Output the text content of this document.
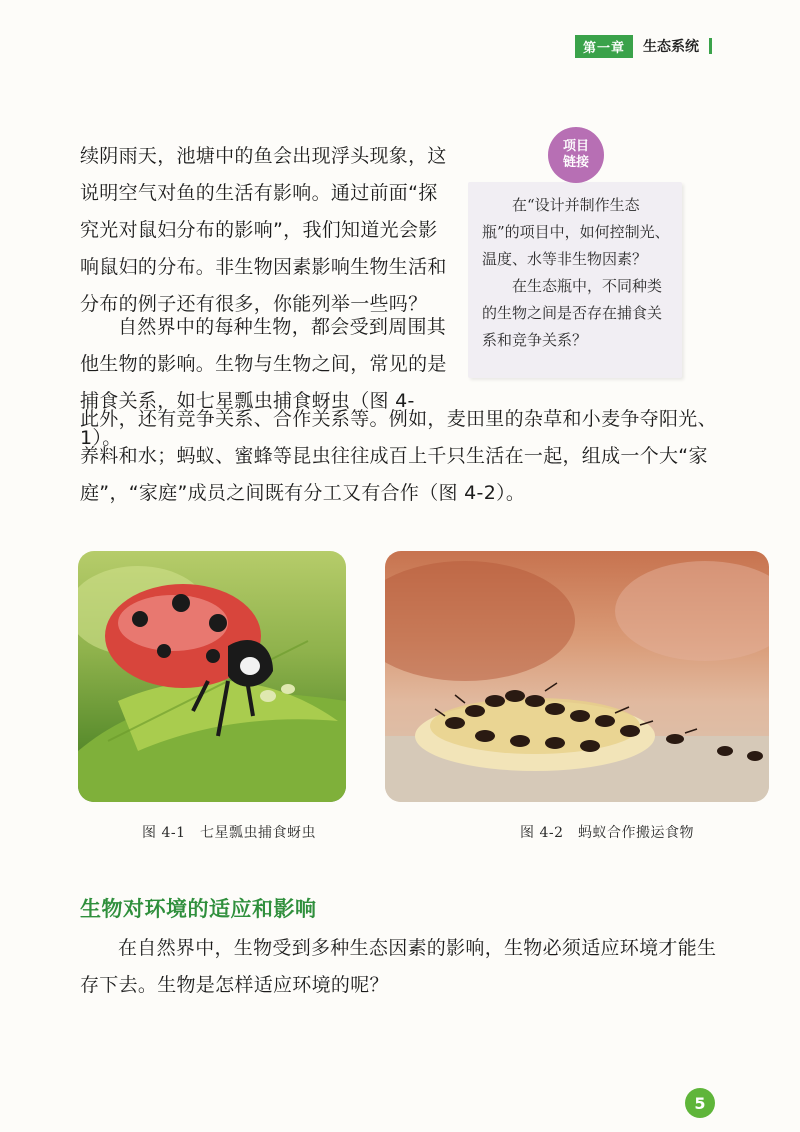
第一章	生态系统
续阴雨天，池塘中的鱼会出现浮头现象，这说明空气对鱼的生活有影响。通过前面“探究光对鼠妇分布的影响”，我们知道光会影响鼠妇的分布。非生物因素影响生物生活和分布的例子还有很多，你能列举一些吗？
自然界中的每种生物，都会受到周围其他生物的影响。生物与生物之间，常见的是捕食关系，如七星瓢虫捕食蚜虫（图 4-1）。
此外，还有竞争关系、合作关系等。例如，麦田里的杂草和小麦争夺阳光、养料和水；蚂蚁、蜜蜂等昆虫往往成百上千只生活在一起，组成一个大“家庭”，“家庭”成员之间既有分工又有合作（图 4-2）。
项目
链接

在“设计并制作生态瓶”的项目中，如何控制光、温度、水等非生物因素？

在生态瓶中，不同种类的生物之间是否存在捕食关系和竞争关系？

图 4-1　七星瓢虫捕食蚜虫	图 4-2　蚂蚁合作搬运食物
生物对环境的适应和影响
在自然界中，生物受到多种生态因素的影响，生物必须适应环境才能生存下去。生物是怎样适应环境的呢？
5
